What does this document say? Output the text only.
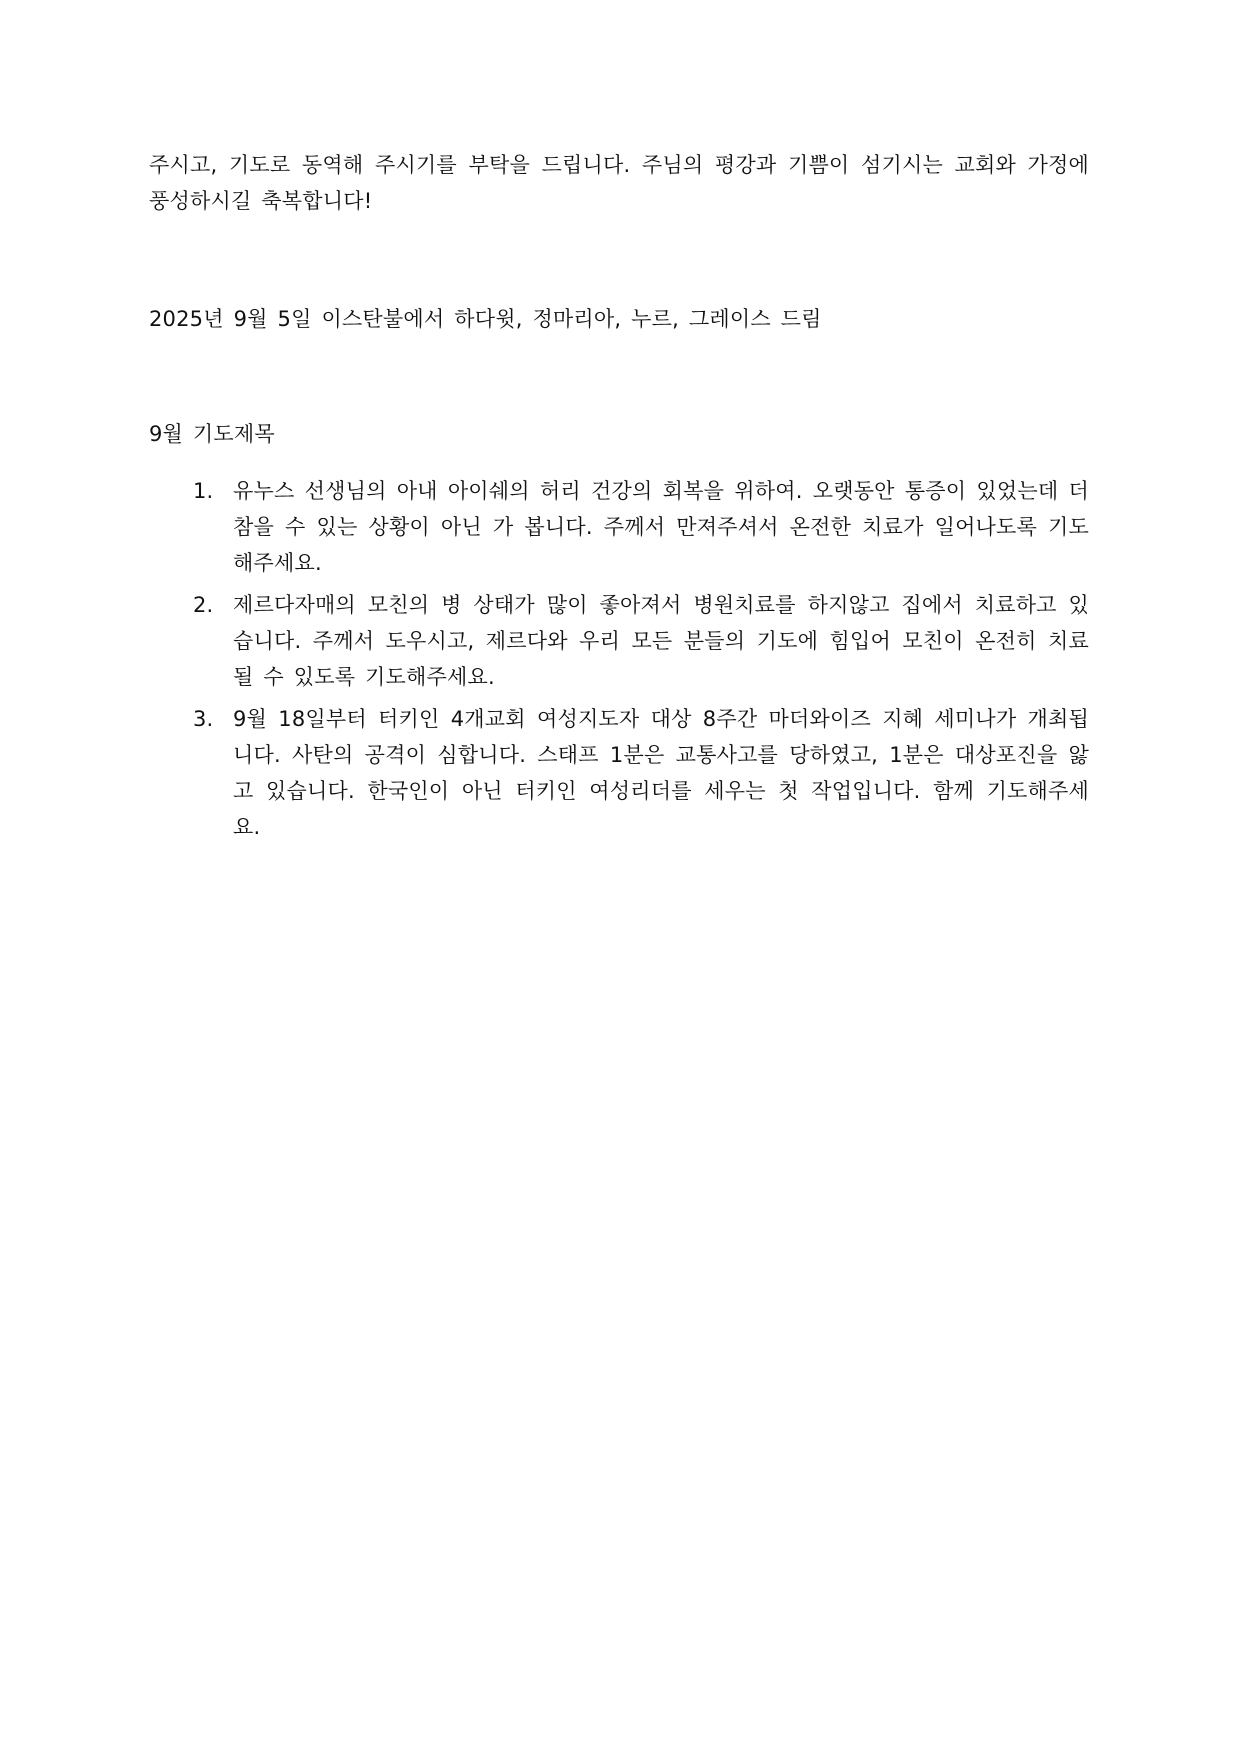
주시고, 기도로 동역해 주시기를 부탁을 드립니다. 주님의 평강과 기쁨이 섬기시는 교회와 가정에 풍성하시길 축복합니다!

2025년 9월 5일 이스탄불에서 하다윗, 정마리아, 누르, 그레이스 드림

9월 기도제목

1. 유누스 선생님의 아내 아이쉐의 허리 건강의 회복을 위하여. 오랫동안 통증이 있었는데 더 참을 수 있는 상황이 아닌 가 봅니다. 주께서 만져주셔서 온전한 치료가 일어나도록 기도해주세요.
2. 제르다자매의 모친의 병 상태가 많이 좋아져서 병원치료를 하지않고 집에서 치료하고 있습니다. 주께서 도우시고, 제르다와 우리 모든 분들의 기도에 힘입어 모친이 온전히 치료될 수 있도록 기도해주세요.
3. 9월 18일부터 터키인 4개교회 여성지도자 대상 8주간 마더와이즈 지혜 세미나가 개최됩니다. 사탄의 공격이 심합니다. 스태프 1분은 교통사고를 당하였고, 1분은 대상포진을 앓고 있습니다. 한국인이 아닌 터키인 여성리더를 세우는 첫 작업입니다. 함께 기도해주세요.
